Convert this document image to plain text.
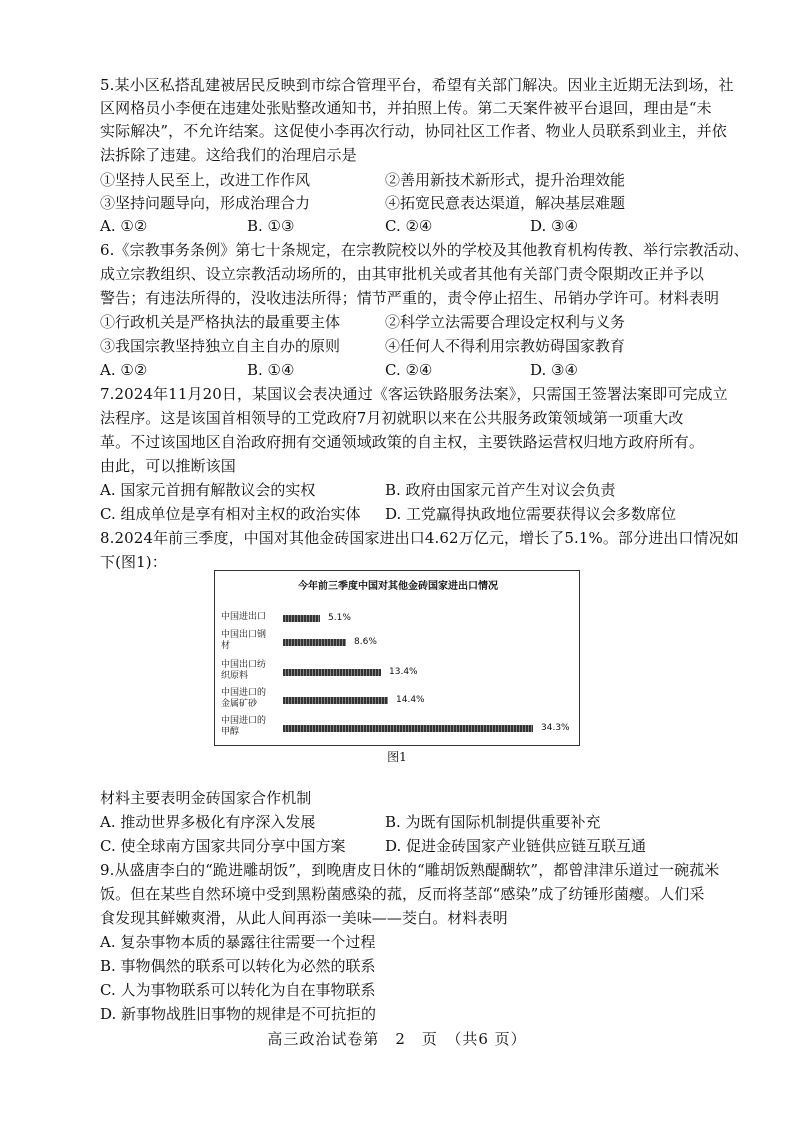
5.某小区私搭乱建被居民反映到市综合管理平台，希望有关部门解决。因业主近期无法到场，社
区网格员小李便在违建处张贴整改通知书，并拍照上传。第二天案件被平台退回，理由是“未
实际解决”，不允许结案。这促使小李再次行动，协同社区工作者、物业人员联系到业主，并依
法拆除了违建。这给我们的治理启示是
①坚持人民至上，改进工作作风	②善用新技术新形式，提升治理效能
③坚持问题导向，形成治理合力	④拓宽民意表达渠道，解决基层难题
A. ①②	B. ①③	C. ②④	D. ③④
6.《宗教事务条例》第七十条规定，在宗教院校以外的学校及其他教育机构传教、举行宗教活动、
成立宗教组织、设立宗教活动场所的，由其审批机关或者其他有关部门责令限期改正并予以
警告；有违法所得的，没收违法所得；情节严重的，责令停止招生、吊销办学许可。材料表明
①行政机关是严格执法的最重要主体	②科学立法需要合理设定权利与义务
③我国宗教坚持独立自主自办的原则	④任何人不得利用宗教妨碍国家教育
A. ①②	B. ①④	C. ②④	D. ③④
7.2024年11月20日，某国议会表决通过《客运铁路服务法案》，只需国王签署法案即可完成立
法程序。这是该国首相领导的工党政府7月初就职以来在公共服务政策领域第一项重大改
革。不过该国地区自治政府拥有交通领域政策的自主权，主要铁路运营权归地方政府所有。
由此，可以推断该国
A. 国家元首拥有解散议会的实权	B. 政府由国家元首产生对议会负责
C. 组成单位是享有相对主权的政治实体 D. 工党赢得执政地位需要获得议会多数席位
8.2024年前三季度，中国对其他金砖国家进出口4.62万亿元，增长了5.1%。部分进出口情况如
下(图1)：
今年前三季度中国对其他金砖国家进出口情况
中国进出口	5.1%
中国出口钢
材	8.6%
中国出口纺
织原料	13.4%
中国进口的
金属矿砂	14.4%
中国进口的
甲醇	34.3%
图1
材料主要表明金砖国家合作机制
A. 推动世界多极化有序深入发展	B. 为既有国际机制提供重要补充
C. 使全球南方国家共同分享中国方案	D. 促进金砖国家产业链供应链互联互通
9.从盛唐李白的“跪进雕胡饭”，到晚唐皮日休的“雕胡饭熟醍醐软”，都曾津津乐道过一碗菰米
饭。但在某些自然环境中受到黑粉菌感染的菰，反而将茎部“感染”成了纺锤形菌瘿。人们采
食发现其鲜嫩爽滑，从此人间再添一美味——茭白。材料表明
A. 复杂事物本质的暴露往往需要一个过程
B. 事物偶然的联系可以转化为必然的联系
C. 人为事物联系可以转化为自在事物联系
D. 新事物战胜旧事物的规律是不可抗拒的
高三政治试卷第　2　页　（共6 页）
